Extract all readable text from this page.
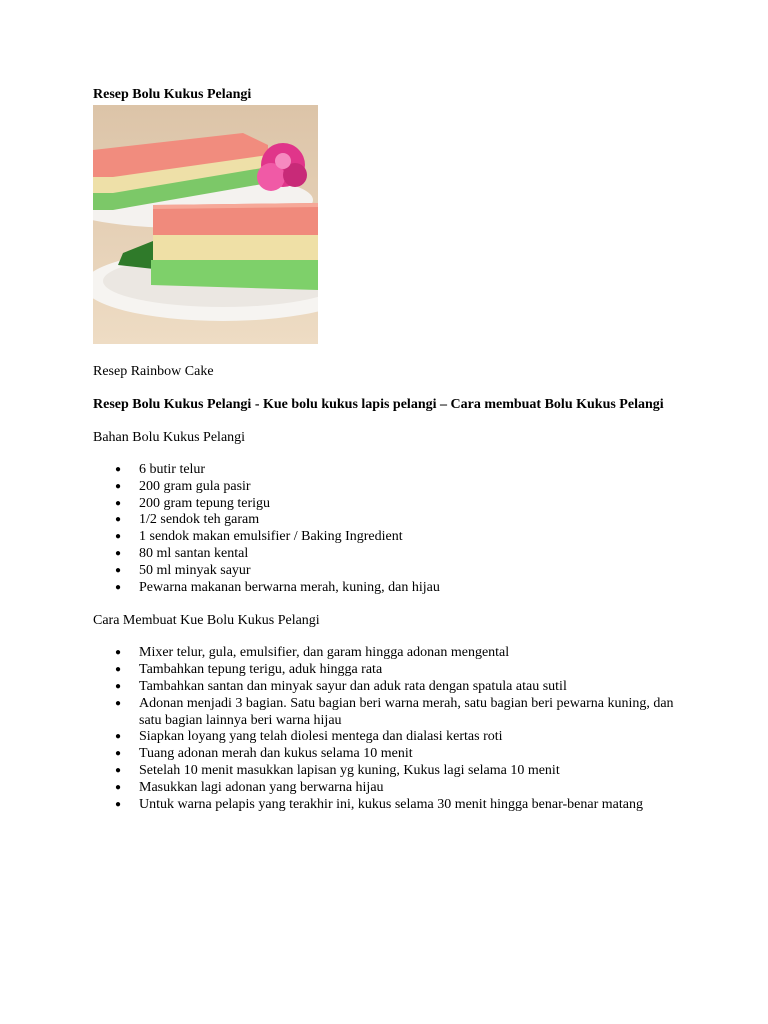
Resep Bolu Kukus Pelangi

Resep Rainbow Cake

Resep Bolu Kukus Pelangi - Kue bolu kukus lapis pelangi – Cara membuat Bolu Kukus Pelangi

Bahan Bolu Kukus Pelangi

● 6 butir telur
● 200 gram gula pasir
● 200 gram tepung terigu
● 1/2 sendok teh garam
● 1 sendok makan emulsifier / Baking Ingredient
● 80 ml santan kental
● 50 ml minyak sayur
● Pewarna makanan berwarna merah, kuning, dan hijau

Cara Membuat Kue Bolu Kukus Pelangi

● Mixer telur, gula, emulsifier, dan garam hingga adonan mengental
● Tambahkan tepung terigu, aduk hingga rata
● Tambahkan santan dan minyak sayur dan aduk rata dengan spatula atau sutil
● Adonan menjadi 3 bagian. Satu bagian beri warna merah, satu bagian beri pewarna kuning, dan satu bagian lainnya beri warna hijau
● Siapkan loyang yang telah diolesi mentega dan dialasi kertas roti
● Tuang adonan merah dan kukus selama 10 menit
● Setelah 10 menit masukkan lapisan yg kuning, Kukus lagi selama 10 menit
● Masukkan lagi adonan yang berwarna hijau
● Untuk warna pelapis yang terakhir ini, kukus selama 30 menit hingga benar-benar matang
